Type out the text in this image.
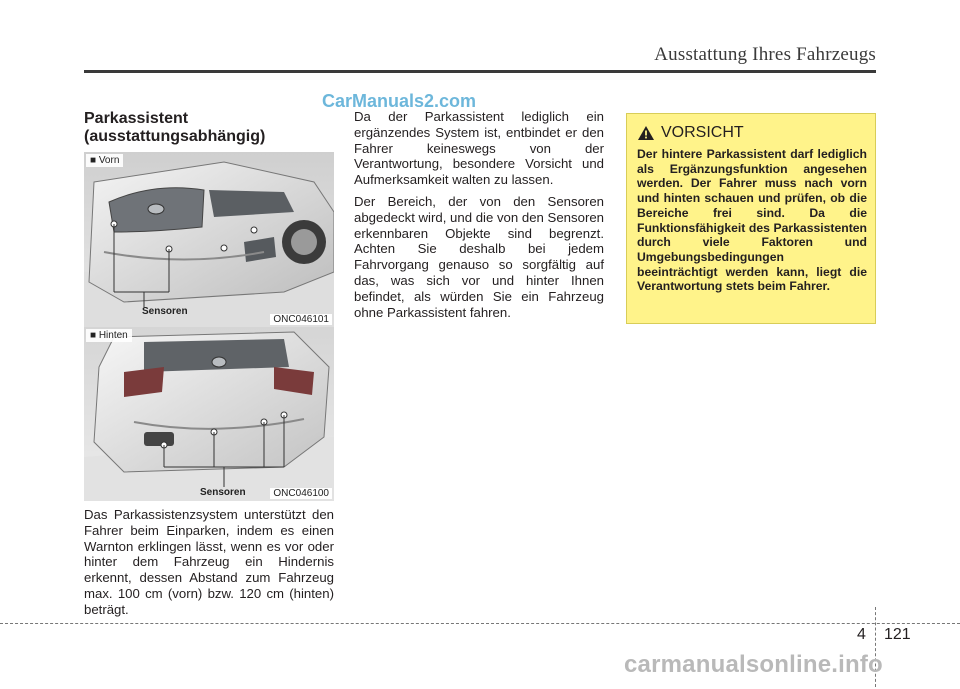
Ausstattung Ihres Fahrzeugs
CarManuals2.com
Parkassistent
(ausstattungsabhängig)
■ Vorn
Sensoren
ONC046101
■ Hinten
Sensoren	ONC046100
Das Parkassistenzsystem unterstützt den Fahrer beim Einparken, indem es einen Warnton erklingen lässt, wenn es vor oder hinter dem Fahrzeug ein Hindernis erkennt, dessen Abstand zum Fahrzeug max. 100 cm (vorn) bzw. 120 cm (hinten) beträgt.

Da der Parkassistent lediglich ein ergänzendes System ist, entbindet er den Fahrer keineswegs von der Verantwortung, besondere Vorsicht und Aufmerksamkeit walten zu lassen.

Der Bereich, der von den Sensoren abgedeckt wird, und die von den Sensoren erkennbaren Objekte sind begrenzt. Achten Sie deshalb bei jedem Fahrvorgang genauso so sorgfältig auf das, was sich vor und hinter Ihnen befindet, als würden Sie ein Fahrzeug ohne Parkassistent fahren.

VORSICHT
Der hintere Parkassistent darf lediglich als Ergänzungsfunktion angesehen werden. Der Fahrer muss nach vorn und hinten schauen und prüfen, ob die Bereiche frei sind. Da die Funktionsfähigkeit des Parkassistenten durch viele Faktoren und Umgebungsbedingungen beeinträchtigt werden kann, liegt die Verantwortung stets beim Fahrer.
4 121
carmanualsonline.info
